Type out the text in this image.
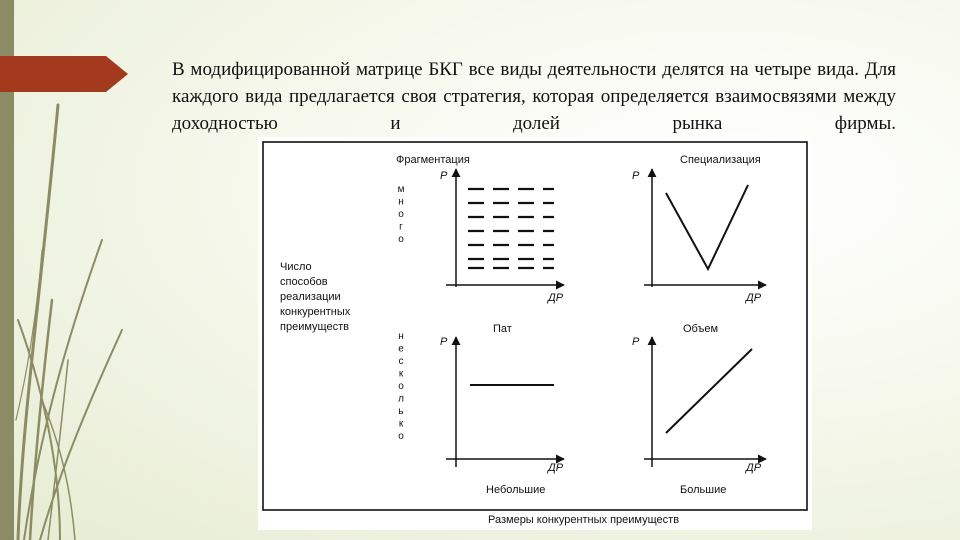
В модифицированной матрице БКГ все виды деятельности делятся на четыре вида. Для каждого вида предлагается своя стратегия, которая определяется взаимосвязями между доходностью и долей рынка фирмы.

Число способов реализации конкурентных преимуществ
м н о г о
н е с к о л ь к о
Фрагментация
P
ДР
Специализация
P
ДР
Пат
P
ДР
Объем
P
ДР
Небольшие	Большие
Размеры конкурентных преимуществ
